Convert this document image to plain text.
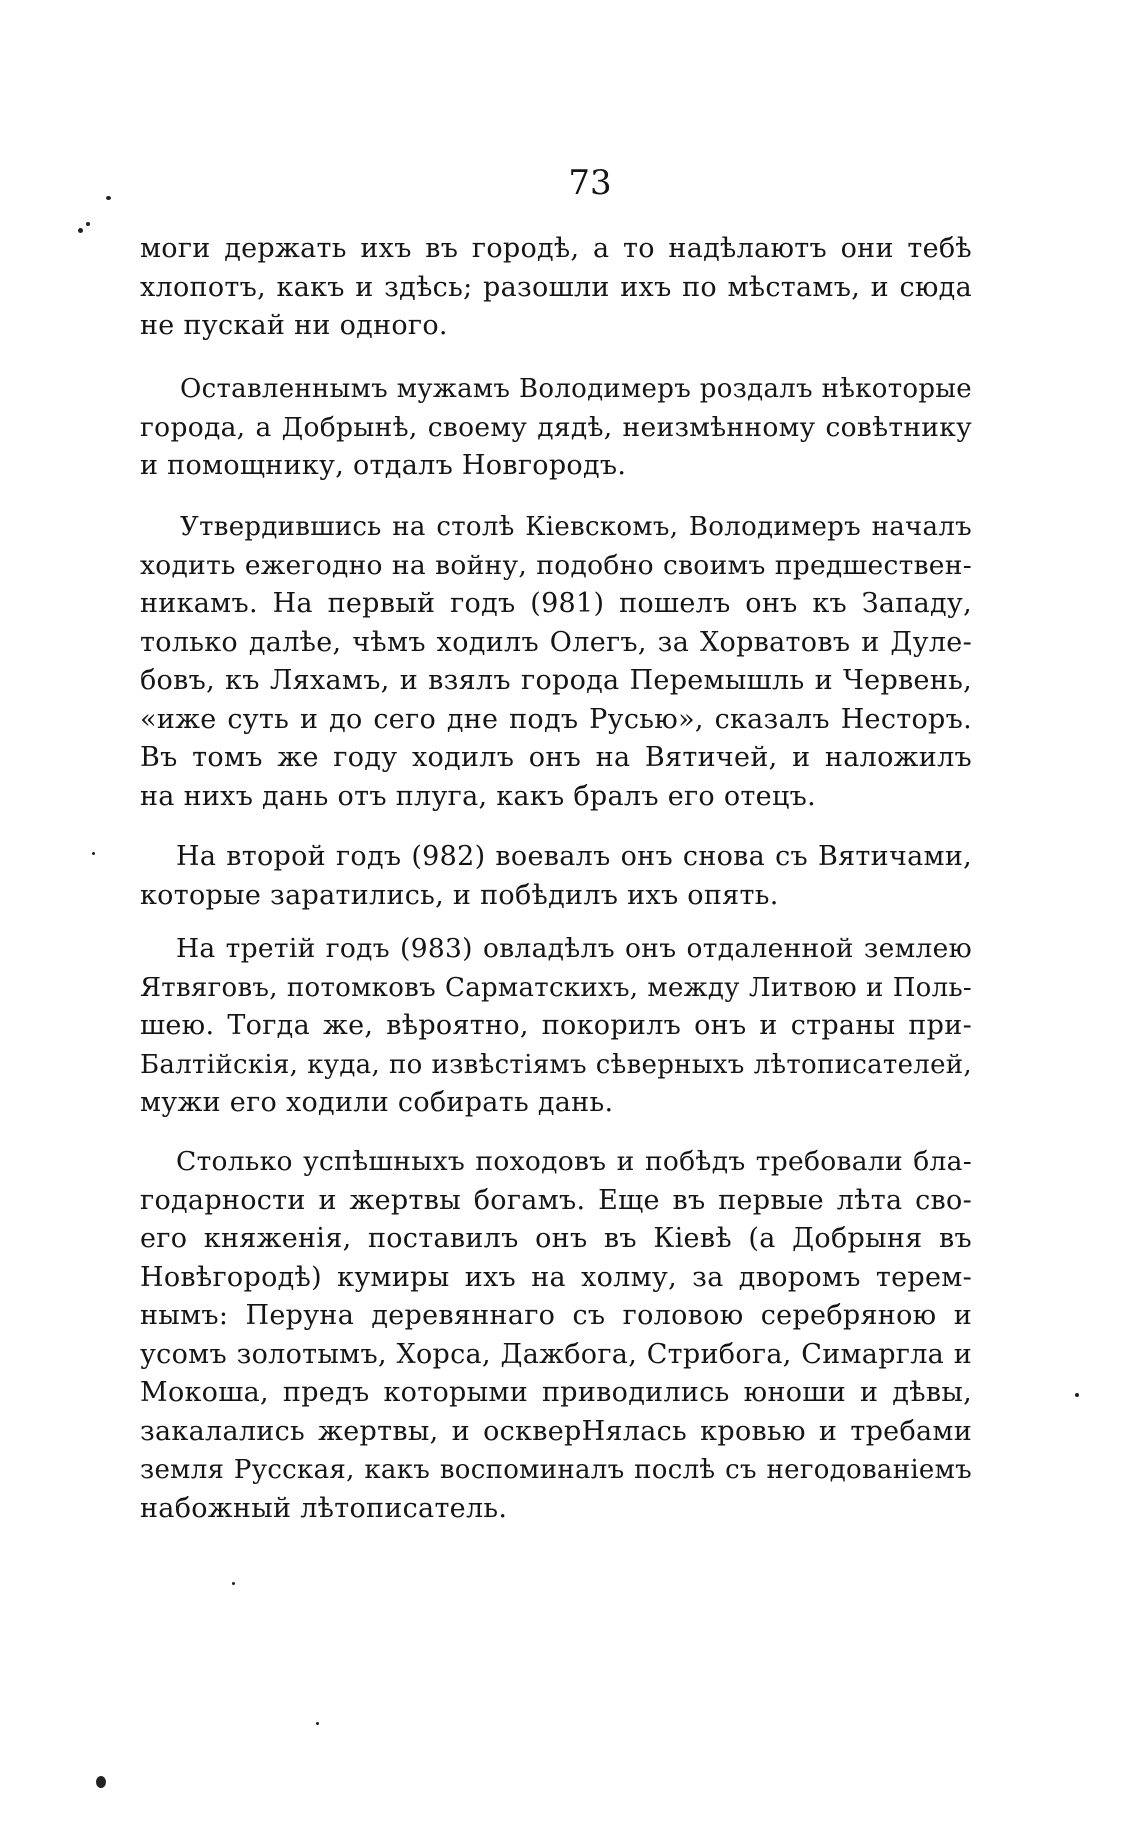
73
моги держать ихъ въ городѣ, а то надѣлаютъ они тебѣ
хлопотъ, какъ и здѣсь; разошли ихъ по мѣстамъ, и сюда
не пускай ни одного.
Оставленнымъ мужамъ Володимеръ роздалъ нѣкоторые
города, а Добрынѣ, своему дядѣ, неизмѣнному совѣтнику
и помощнику, отдалъ Новгородъ.
Утвердившись на столѣ Кіевскомъ, Володимеръ началъ
ходить ежегодно на войну, подобно своимъ предшествен-
никамъ. На первый годъ (981) пошелъ онъ къ Западу,
только далѣе, чѣмъ ходилъ Олегъ, за Хорватовъ и Дуле-
бовъ, къ Ляхамъ, и взялъ города Перемышль и Червень,
«иже суть и до сего дне подъ Русью», сказалъ Несторъ.
Въ томъ же году ходилъ онъ на Вятичей, и наложилъ
на нихъ дань отъ плуга, какъ бралъ его отецъ.
На второй годъ (982) воевалъ онъ снова съ Вятичами,
которые заратились, и побѣдилъ ихъ опять.
На третій годъ (983) овладѣлъ онъ отдаленной землею
Ятвяговъ, потомковъ Сарматскихъ, между Литвою и Поль-
шею. Тогда же, вѣроятно, покорилъ онъ и страны при-
Балтійскія, куда, по извѣстіямъ сѣверныхъ лѣтописателей,
мужи его ходили собирать дань.
Столько успѣшныхъ походовъ и побѣдъ требовали бла-
годарности и жертвы богамъ. Еще въ первые лѣта сво-
его княженія, поставилъ онъ въ Кіевѣ (а Добрыня въ
Новѣгородѣ) кумиры ихъ на холму, за дворомъ терем-
нымъ: Перуна деревяннаго съ головою серебряною и
усомъ золотымъ, Хорса, Дажбога, Стрибога, Симаргла и
Мокоша, предъ которыми приводились юноши и дѣвы,
закалались жертвы, и оскверНялась кровью и требами
земля Русская, какъ воспоминалъ послѣ съ негодованіемъ
набожный лѣтописатель.
